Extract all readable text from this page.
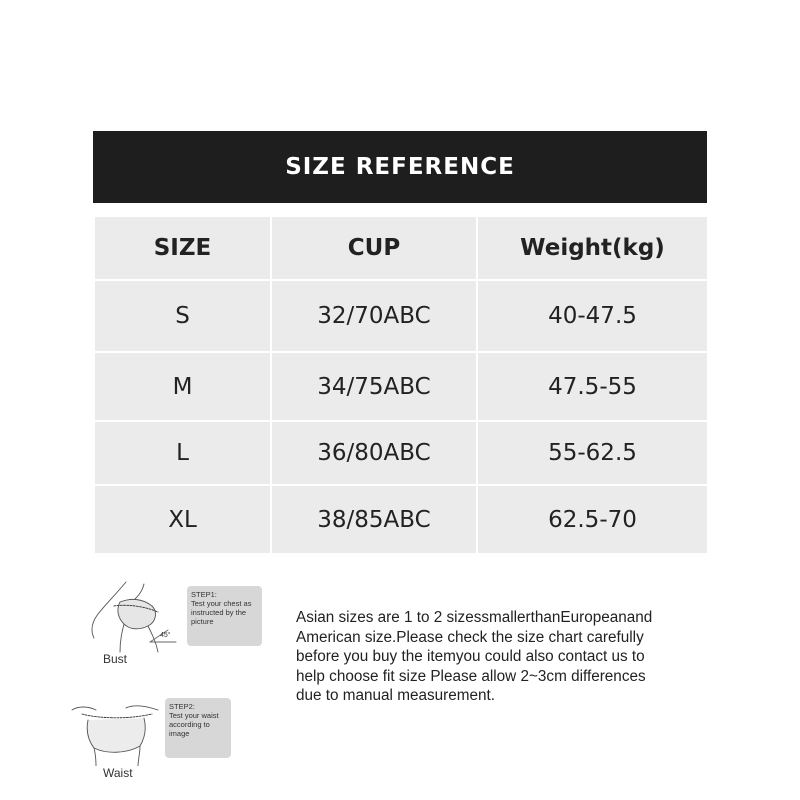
SIZE REFERENCE
SIZE	CUP	Weight(kg)
S	32/70ABC	40-47.5
M	34/75ABC	47.5-55
L	36/80ABC	55-62.5
XL	38/85ABC	62.5-70
Bust
45°
STEP1:
Test your chest as instructed by the picture
Waist
STEP2:
Test your waist according to image
Asian sizes are 1 to 2 sizessmallerthanEuropeanand
American size.Please check the size chart carefully
before you buy the itemyou could also contact us to
help choose fit size Please allow 2~3cm differences
due to manual measurement.
